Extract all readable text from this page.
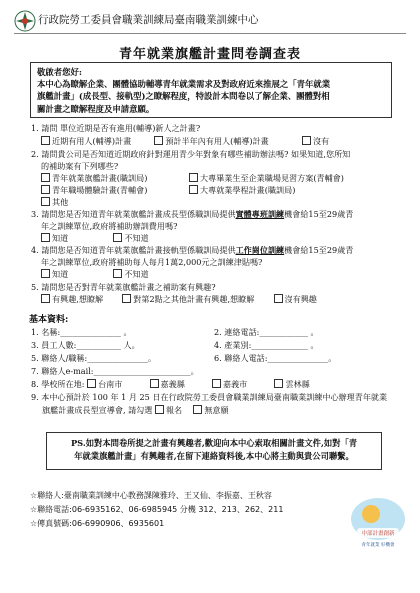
行政院勞工委員會職業訓練局臺南職業訓練中心
青年就業旗艦計畫問卷調查表
敬啟者您好:
本中心為瞭解企業、團體協助輔導青年就業需求及對政府近來推展之「青年就業
旗艦計畫」(成長型、接軌型)之瞭解程度，特設計本問卷以了解企業、團體對相
關計畫之瞭解程度及申請意願。
1. 請問 單位近期是否有進用(輔導)新人之計畫?
近期有用人(輔導)計畫	預計半年內有用人(輔導)計畫	沒有
2. 請問貴公司是否知道近期政府針對運用青少年對象有哪些補助辦法嗎? 如果知道,您所知
的補助案有下列哪些?
青年就業旗艦計畫(職訓局)	大專畢業生至企業職場見習方案(青輔會)
青年職場體驗計畫(青輔會)	大專就業學程計畫(職訓局)
其他
3. 請問您是否知道青年就業旗艦計畫成長型係職訓局提供實體專班訓練機會給15至29歲青
年之訓練單位,政府將補助辦訓費用嗎?
知道	不知道
4. 請問您是否知道青年就業旗艦計畫接軌型係職訓局提供工作崗位訓練機會給15至29歲青
年之訓練單位,政府將補助每人每月1萬2,000元之訓練津貼嗎?
知道	不知道
5. 請問您是否對青年就業旗艦計畫之補助案有興趣?
有興趣,想瞭解	對第2點之其他計畫有興趣,想瞭解	沒有興趣
基本資料:
1. 名稱:_______________ 。	2. 連絡電話:____________ 。
3. 員工人數:___________ 人。	4. 產業別:______________ 。
5. 聯絡人/職稱:_______________。	6. 聯絡人電話:_______________。
7. 聯絡人e-mail:________________________。
8. 學校所在地: 台南市	嘉義縣	嘉義市	雲林縣
9. 本中心預計於 100 年 1 月 25 日在行政院勞工委員會職業訓練局臺南職業訓練中心辦理青年就業
旗艦計畫成長型宣導會, 請勾選 報名	無意願
PS.如對本問卷所提之計畫有興趣者,歡迎向本中心索取相關計畫文件,如對「青
年就業旗艦計畫」有興趣者,在留下連絡資料後,本中心將主動與貴公司聯繫。
☆聯絡人:臺南職業訓練中心教務課陳雅玲、王又仙、李振嘉、王秋容
☆聯絡電話:06-6935162、06-6985945 分機 312、213、262、211
☆傳真號碼:06-6990906、6935601
中部計畫創新
青年就業 好機會
